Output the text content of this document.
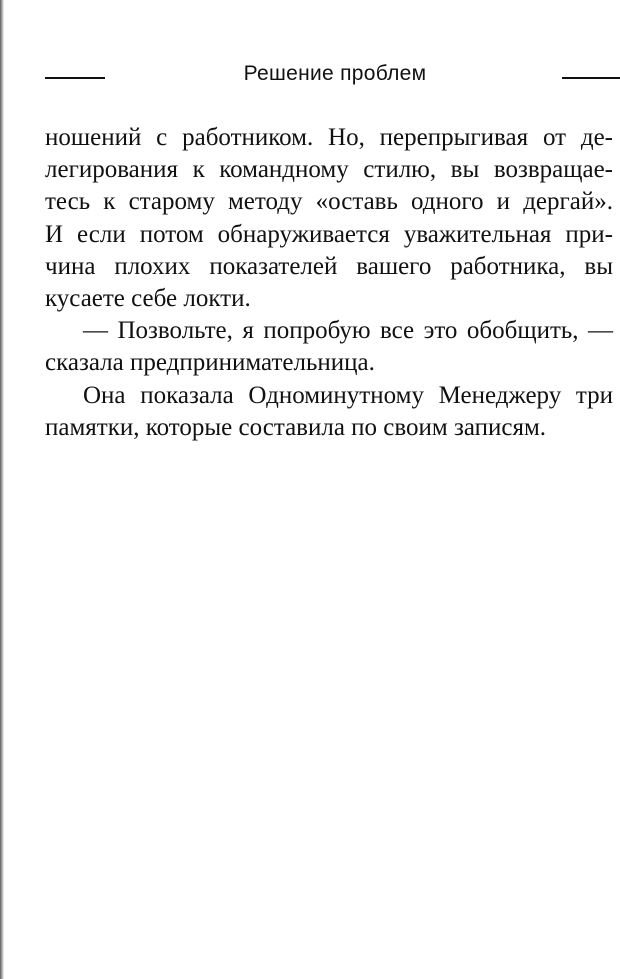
Решение проблем
ношений с работником. Но, перепрыгивая от де-
легирования к командному стилю, вы возвращае-
тесь к старому методу «оставь одного и дергай».
И если потом обнаруживается уважительная при-
чина плохих показателей вашего работника, вы
кусаете себе локти.
— Позвольте, я попробую все это обобщить, —
сказала предпринимательница.
Она показала Одноминутному Менеджеру три
памятки, которые составила по своим записям.
